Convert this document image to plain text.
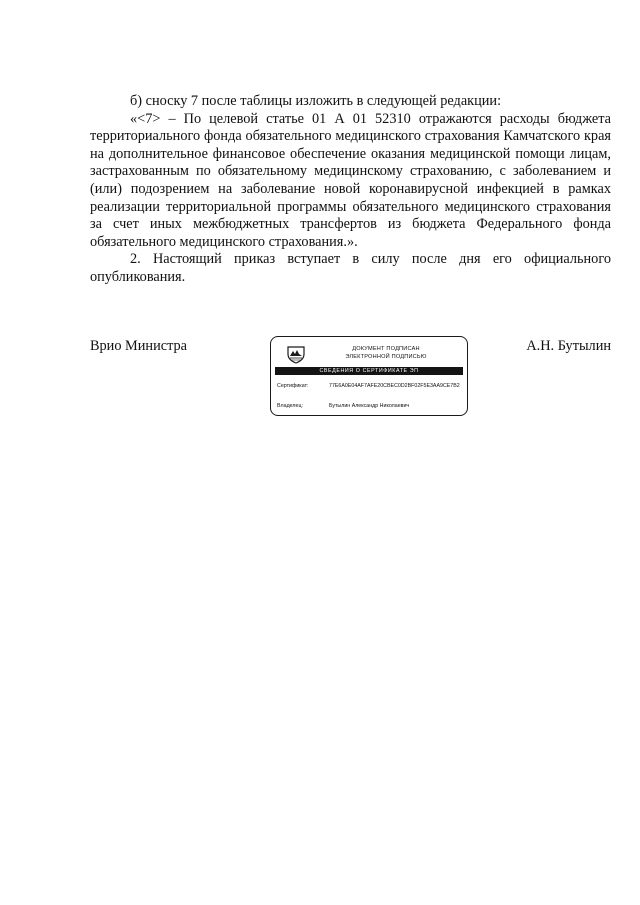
б) сноску 7 после таблицы изложить в следующей редакции:

«<7> – По целевой статье 01 А 01 52310 отражаются расходы бюджета территориального фонда обязательного медицинского страхования Камчатского края на дополнительное финансовое обеспечение оказания медицинской помощи лицам, застрахованным по обязательному медицинскому страхованию, с заболеванием и (или) подозрением на заболевание новой коронавирусной инфекцией в рамках реализации территориальной программы обязательного медицинского страхования за счет иных межбюджетных трансфертов из бюджета Федерального фонда обязательного медицинского страхования.».

2. Настоящий приказ вступает в силу после дня его официального опубликования.

Врио Министра	ДОКУМЕНТ ПОДПИСАН
ЭЛЕКТРОННОЙ ПОДПИСЬЮ
СВЕДЕНИЯ О СЕРТИФИКАТЕ ЭП
Сертификат:	77E6A0E04AF7AFE20CBEC0D2BF02F5E3AA9CE7B2
Владелец:	Бутылин Александр Николаевич
А.Н. Бутылин
